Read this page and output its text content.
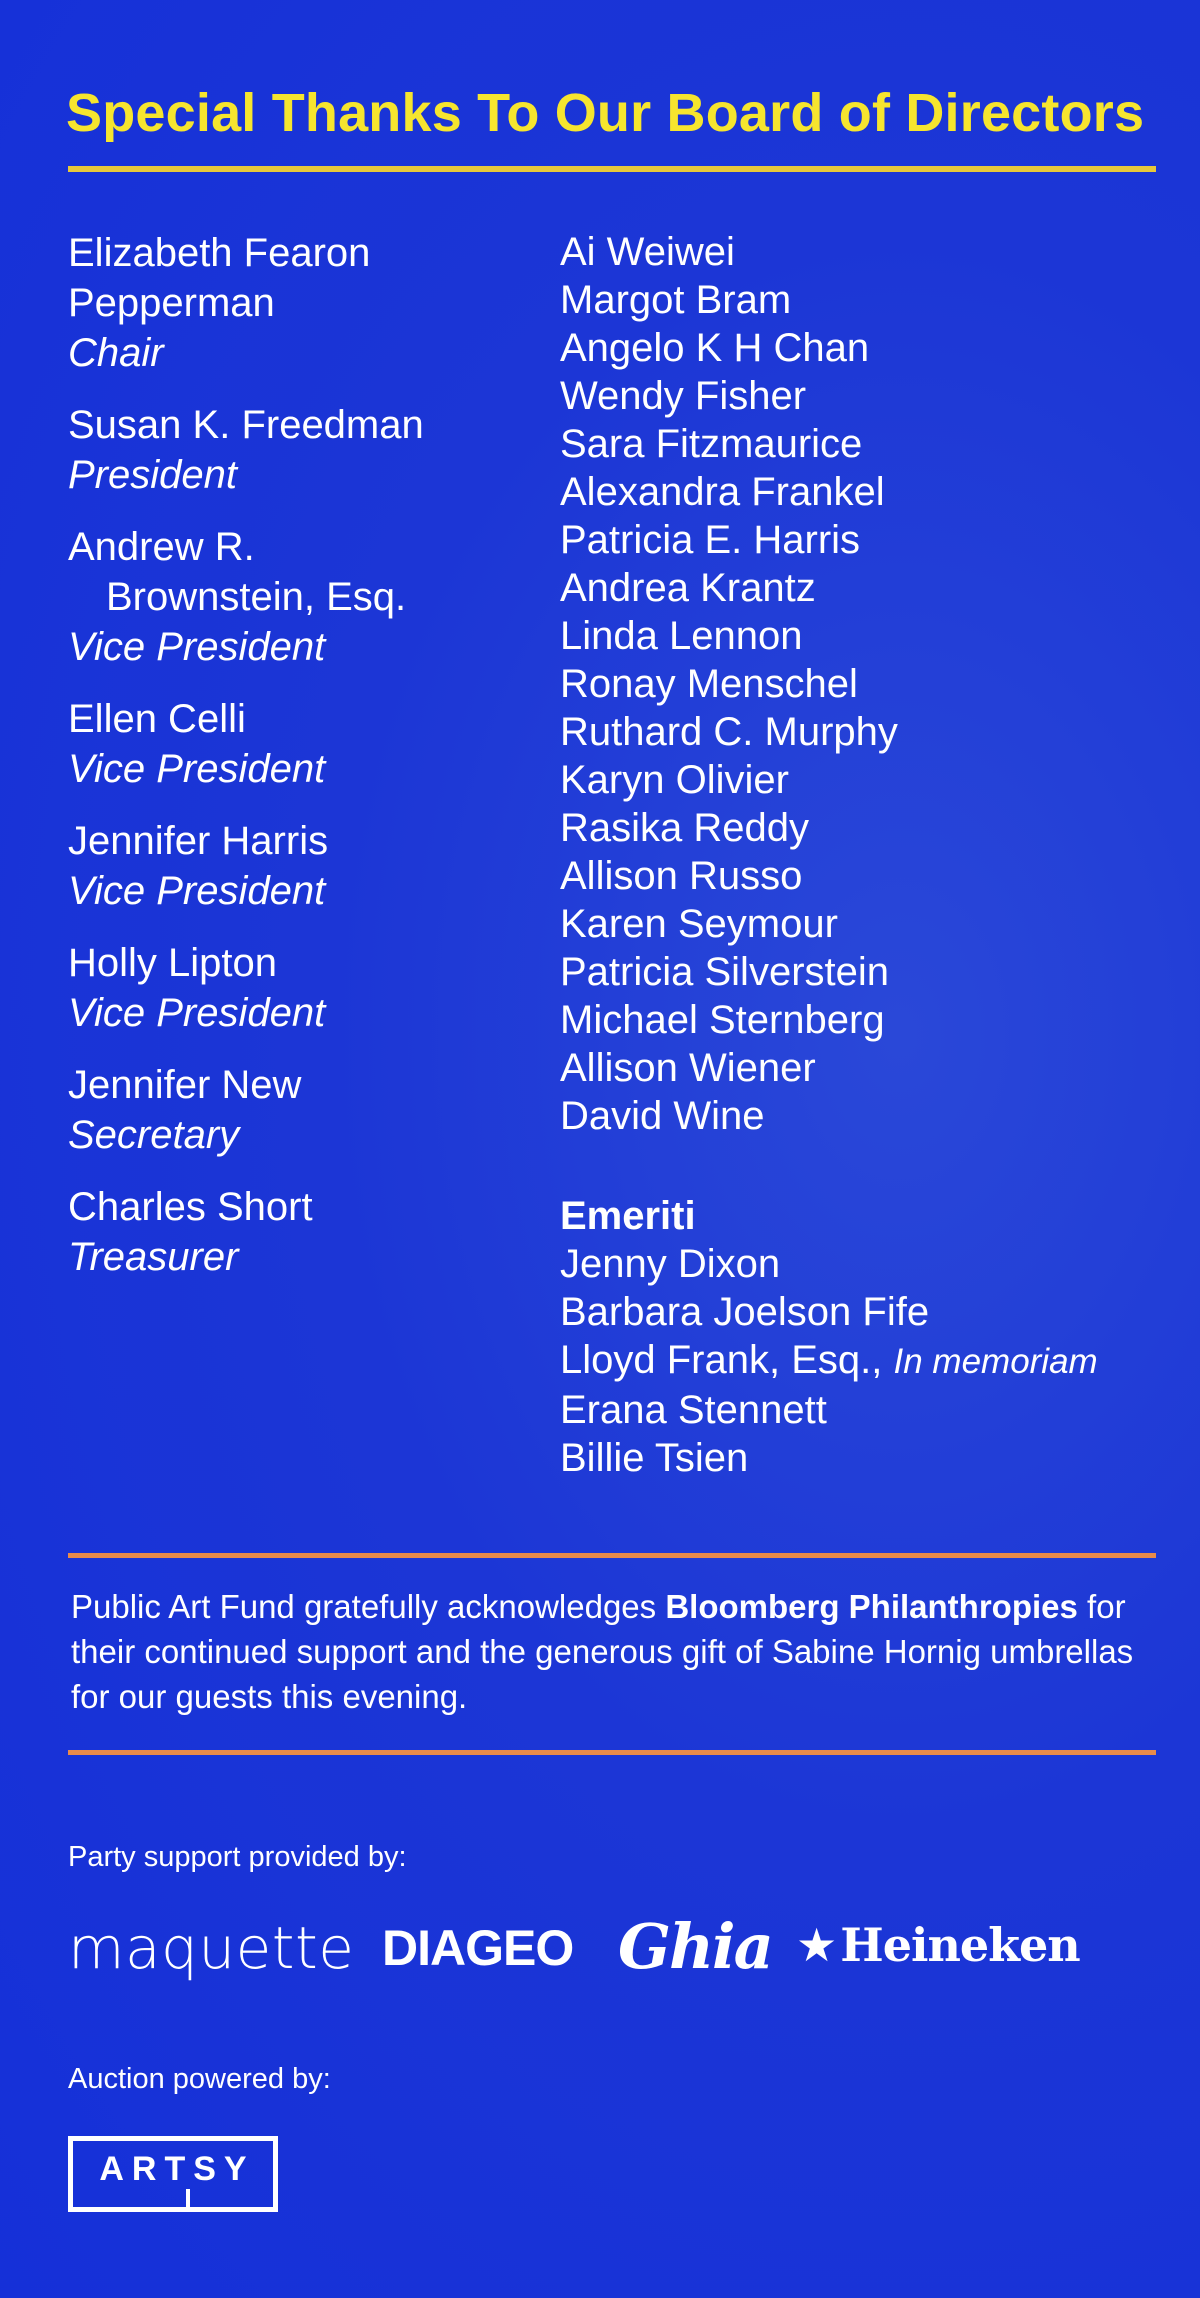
Special Thanks To Our Board of Directors
Elizabeth Fearon Pepperman
Chair
Susan K. Freedman
President
Andrew R.
Brownstein, Esq.
Vice President
Ellen Celli
Vice President
Jennifer Harris
Vice President
Holly Lipton
Vice President
Jennifer New
Secretary
Charles Short
Treasurer
Ai Weiwei
Margot Bram
Angelo K H Chan
Wendy Fisher
Sara Fitzmaurice
Alexandra Frankel
Patricia E. Harris
Andrea Krantz
Linda Lennon
Ronay Menschel
Ruthard C. Murphy
Karyn Olivier
Rasika Reddy
Allison Russo
Karen Seymour
Patricia Silverstein
Michael Sternberg
Allison Wiener
David Wine
Emeriti
Jenny Dixon
Barbara Joelson Fife
Lloyd Frank, Esq., In memoriam
Erana Stennett
Billie Tsien
Public Art Fund gratefully acknowledges Bloomberg Philanthropies for their continued support and the generous gift of Sabine Hornig umbrellas for our guests this evening.
Party support provided by:
maquette DIAGEO Ghia ★Heineken
Auction powered by:
ARTSY
